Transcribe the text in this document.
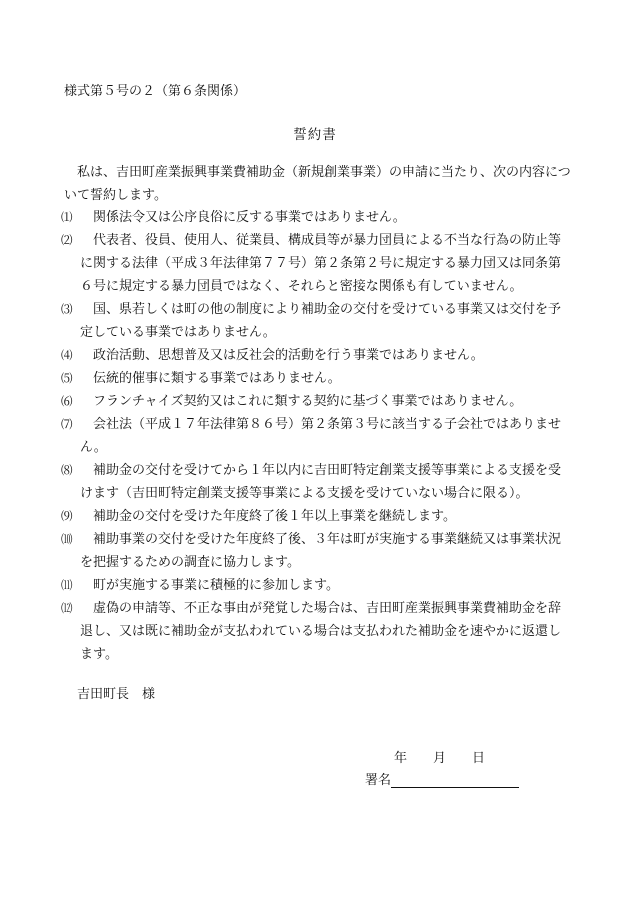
様式第５号の２（第６条関係）
誓約書

私は、吉田町産業振興事業費補助金（新規創業事業）の申請に当たり、次の内容について誓約します。

⑴	関係法令又は公序良俗に反する事業ではありません。
⑵	代表者、役員、使用人、従業員、構成員等が暴力団員による不当な行為の防止等に関する法律（平成３年法律第７７号）第２条第２号に規定する暴力団又は同条第６号に規定する暴力団員ではなく、それらと密接な関係も有していません。
⑶	国、県若しくは町の他の制度により補助金の交付を受けている事業又は交付を予定している事業ではありません。
⑷	政治活動、思想普及又は反社会的活動を行う事業ではありません。
⑸	伝統的催事に類する事業ではありません。
⑹	フランチャイズ契約又はこれに類する契約に基づく事業ではありません。
⑺	会社法（平成１７年法律第８６号）第２条第３号に該当する子会社ではありません。
⑻	補助金の交付を受けてから１年以内に吉田町特定創業支援等事業による支援を受けます（吉田町特定創業支援等事業による支援を受けていない場合に限る）。
⑼	補助金の交付を受けた年度終了後１年以上事業を継続します。
⑽	補助事業の交付を受けた年度終了後、３年は町が実施する事業継続又は事業状況を把握するための調査に協力します。
⑾	町が実施する事業に積極的に参加します。
⑿	虚偽の申請等、不正な事由が発覚した場合は、吉田町産業振興事業費補助金を辞退し、又は既に補助金が支払われている場合は支払われた補助金を速やかに返還します。
吉田町長　様
年 月 日
署名
